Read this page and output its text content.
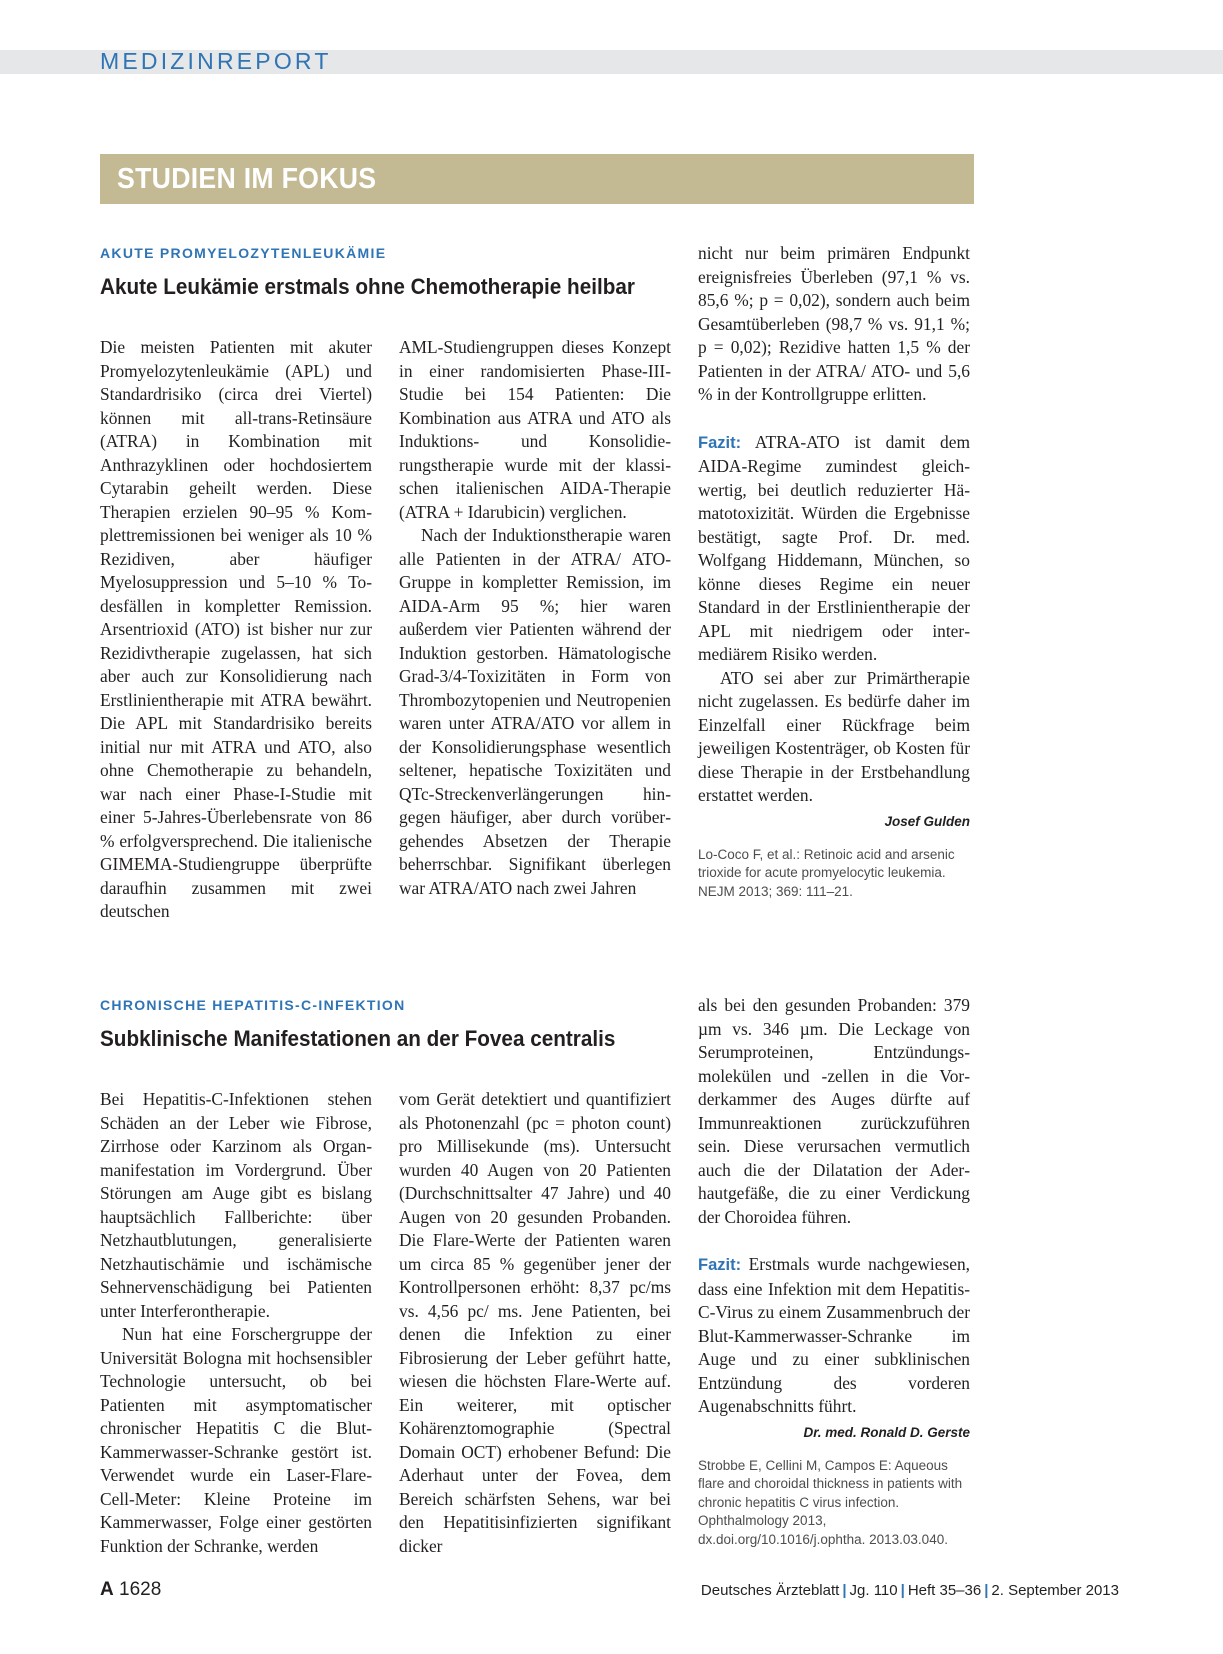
MEDIZINREPORT
STUDIEN IM FOKUS
AKUTE PROMYELOZYTENLEUKÄMIE
Akute Leukämie erstmals ohne Chemotherapie heilbar

Die meisten Patienten mit akuter Promyelozytenleukämie (APL) und Standardrisiko (circa drei Viertel) können mit all-trans-Retinsäure (ATRA) in Kombination mit Anthrazyklinen oder hochdosiertem Cytarabin geheilt werden. Diese Therapien erzielen 90–95 % Komplettremissionen bei weniger als 10 % Rezidiven, aber häufiger Myelosuppression und 5–10 % Todesfällen in kompletter Remission. Arsentrioxid (ATO) ist bisher nur zur Rezidivtherapie zugelassen, hat sich aber auch zur Konsolidierung nach Erstlinientherapie mit ATRA bewährt. Die APL mit Standardrisiko bereits initial nur mit ATRA und ATO, also ohne Chemotherapie zu behandeln, war nach einer Phase-I-Studie mit einer 5-Jahres-Überlebensrate von 86 % erfolgversprechend. Die italienische GIMEMA-Studiengruppe überprüfte daraufhin zusammen mit zwei deutschen

AML-Studiengruppen dieses Konzept in einer randomisierten Phase-III-Studie bei 154 Patienten: Die Kombination aus ATRA und ATO als Induktions- und Konsolidierungstherapie wurde mit der klassischen italienischen AIDA-Therapie (ATRA + Idarubicin) verglichen.

Nach der Induktionstherapie waren alle Patienten in der ATRA/ ATO-Gruppe in kompletter Remission, im AIDA-Arm 95 %; hier waren außerdem vier Patienten während der Induktion gestorben. Hämatologische Grad-3/4-Toxizitäten in Form von Thrombozytopenien und Neutropenien waren unter ATRA/ATO vor allem in der Konsolidierungsphase wesentlich seltener, hepatische Toxizitäten und QTc-Streckenverlängerungen hingegen häufiger, aber durch vorübergehendes Absetzen der Therapie beherrschbar. Signifikant überlegen war ATRA/ATO nach zwei Jahren

nicht nur beim primären Endpunkt ereignisfreies Überleben (97,1 % vs. 85,6 %; p = 0,02), sondern auch beim Gesamtüberleben (98,7 % vs. 91,1 %; p = 0,02); Rezidive hatten 1,5 % der Patienten in der ATRA/ ATO- und 5,6 % in der Kontrollgruppe erlitten.

Fazit: ATRA-ATO ist damit dem AIDA-Regime zumindest gleichwertig, bei deutlich reduzierter Hämatotoxizität. Würden die Ergebnisse bestätigt, sagte Prof. Dr. med. Wolfgang Hiddemann, München, so könne dieses Regime ein neuer Standard in der Erstlinientherapie der APL mit niedrigem oder intermediärem Risiko werden.

ATO sei aber zur Primärtherapie nicht zugelassen. Es bedürfe daher im Einzelfall einer Rückfrage beim jeweiligen Kostenträger, ob Kosten für diese Therapie in der Erstbehandlung erstattet werden.

Josef Gulden
Lo-Coco F, et al.: Retinoic acid and arsenic trioxide for acute promyelocytic leukemia. NEJM 2013; 369: 111–21.
CHRONISCHE HEPATITIS-C-INFEKTION
Subklinische Manifestationen an der Fovea centralis

Bei Hepatitis-C-Infektionen stehen Schäden an der Leber wie Fibrose, Zirrhose oder Karzinom als Organmanifestation im Vordergrund. Über Störungen am Auge gibt es bislang hauptsächlich Fallberichte: über Netzhautblutungen, generalisierte Netzhautischämie und ischämische Sehnervenschädigung bei Patienten unter Interferontherapie.

Nun hat eine Forschergruppe der Universität Bologna mit hochsensibler Technologie untersucht, ob bei Patienten mit asymptomatischer chronischer Hepatitis C die Blut-Kammerwasser-Schranke gestört ist. Verwendet wurde ein Laser-Flare-Cell-Meter: Kleine Proteine im Kammerwasser, Folge einer gestörten Funktion der Schranke, werden

vom Gerät detektiert und quantifiziert als Photonenzahl (pc = photon count) pro Millisekunde (ms). Untersucht wurden 40 Augen von 20 Patienten (Durchschnittsalter 47 Jahre) und 40 Augen von 20 gesunden Probanden. Die Flare-Werte der Patienten waren um circa 85 % gegenüber jener der Kontrollpersonen erhöht: 8,37 pc/ms vs. 4,56 pc/ ms. Jene Patienten, bei denen die Infektion zu einer Fibrosierung der Leber geführt hatte, wiesen die höchsten Flare-Werte auf. Ein weiterer, mit optischer Kohärenztomographie (Spectral Domain OCT) erhobener Befund: Die Aderhaut unter der Fovea, dem Bereich schärfsten Sehens, war bei den Hepatitisinfizierten signifikant dicker

als bei den gesunden Probanden: 379 µm vs. 346 µm. Die Leckage von Serumproteinen, Entzündungsmolekülen und -zellen in die Vorderkammer des Auges dürfte auf Immunreaktionen zurückzuführen sein. Diese verursachen vermutlich auch die der Dilatation der Aderhautgefäße, die zu einer Verdickung der Choroidea führen.

Fazit: Erstmals wurde nachgewiesen, dass eine Infektion mit dem Hepatitis-C-Virus zu einem Zusammenbruch der Blut-Kammerwasser-Schranke im Auge und zu einer subklinischen Entzündung des vorderen Augenabschnitts führt.

Dr. med. Ronald D. Gerste
Strobbe E, Cellini M, Campos E: Aqueous flare and choroidal thickness in patients with chronic hepatitis C virus infection. Ophthalmology 2013, dx.doi.org/10.1016/j.ophtha. 2013.03.040.
A 1628	Deutsches Ärzteblatt | Jg. 110 | Heft 35–36 | 2. September 2013
